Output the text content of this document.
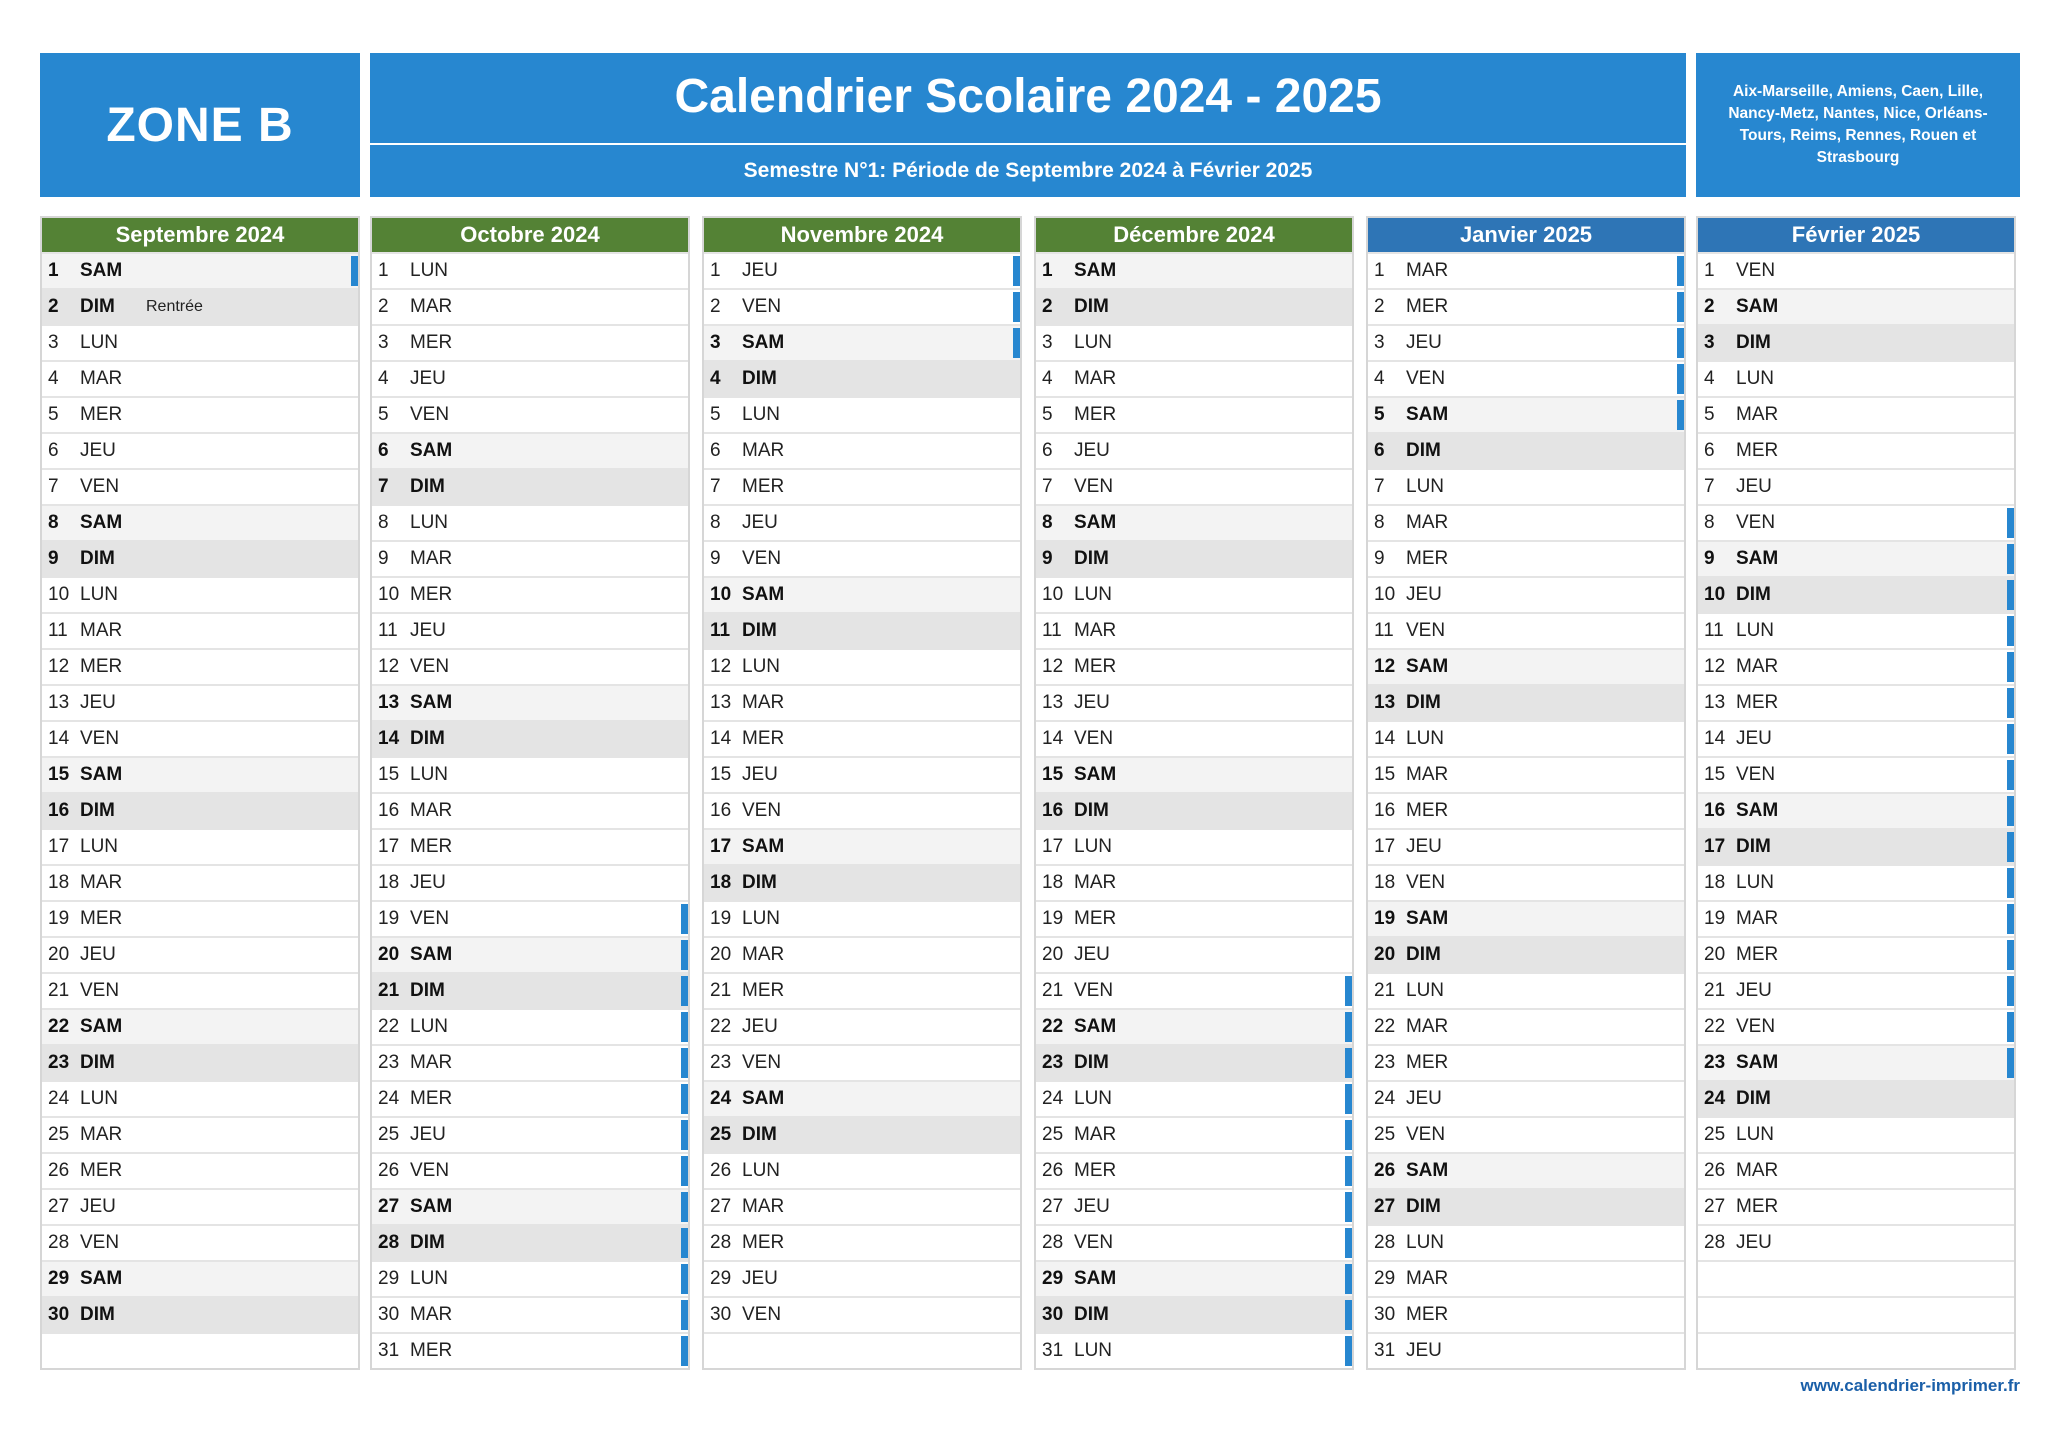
ZONE B
Calendrier Scolaire 2024 - 2025
Semestre N°1: Période de Septembre 2024 à Février 2025
Aix-Marseille, Amiens, Caen, Lille, Nancy-Metz, Nantes, Nice, Orléans-Tours, Reims, Rennes, Rouen et Strasbourg
Septembre 2024
1 SAM
2 DIM Rentrée
3 LUN
4 MAR
5 MER
6 JEU
7 VEN
8 SAM
9 DIM
10 LUN
11 MAR
12 MER
13 JEU
14 VEN
15 SAM
16 DIM
17 LUN
18 MAR
19 MER
20 JEU
21 VEN
22 SAM
23 DIM
24 LUN
25 MAR
26 MER
27 JEU
28 VEN
29 SAM
30 DIM
Octobre 2024
1 LUN
2 MAR
3 MER
4 JEU
5 VEN
6 SAM
7 DIM
8 LUN
9 MAR
10 MER
11 JEU
12 VEN
13 SAM
14 DIM
15 LUN
16 MAR
17 MER
18 JEU
19 VEN
20 SAM
21 DIM
22 LUN
23 MAR
24 MER
25 JEU
26 VEN
27 SAM
28 DIM
29 LUN
30 MAR
31 MER
Novembre 2024
1 JEU
2 VEN
3 SAM
4 DIM
5 LUN
6 MAR
7 MER
8 JEU
9 VEN
10 SAM
11 DIM
12 LUN
13 MAR
14 MER
15 JEU
16 VEN
17 SAM
18 DIM
19 LUN
20 MAR
21 MER
22 JEU
23 VEN
24 SAM
25 DIM
26 LUN
27 MAR
28 MER
29 JEU
30 VEN
Décembre 2024
1 SAM
2 DIM
3 LUN
4 MAR
5 MER
6 JEU
7 VEN
8 SAM
9 DIM
10 LUN
11 MAR
12 MER
13 JEU
14 VEN
15 SAM
16 DIM
17 LUN
18 MAR
19 MER
20 JEU
21 VEN
22 SAM
23 DIM
24 LUN
25 MAR
26 MER
27 JEU
28 VEN
29 SAM
30 DIM
31 LUN
Janvier 2025
1 MAR
2 MER
3 JEU
4 VEN
5 SAM
6 DIM
7 LUN
8 MAR
9 MER
10 JEU
11 VEN
12 SAM
13 DIM
14 LUN
15 MAR
16 MER
17 JEU
18 VEN
19 SAM
20 DIM
21 LUN
22 MAR
23 MER
24 JEU
25 VEN
26 SAM
27 DIM
28 LUN
29 MAR
30 MER
31 JEU
Février 2025
1 VEN
2 SAM
3 DIM
4 LUN
5 MAR
6 MER
7 JEU
8 VEN
9 SAM
10 DIM
11 LUN
12 MAR
13 MER
14 JEU
15 VEN
16 SAM
17 DIM
18 LUN
19 MAR
20 MER
21 JEU
22 VEN
23 SAM
24 DIM
25 LUN
26 MAR
27 MER
28 JEU
www.calendrier-imprimer.fr
